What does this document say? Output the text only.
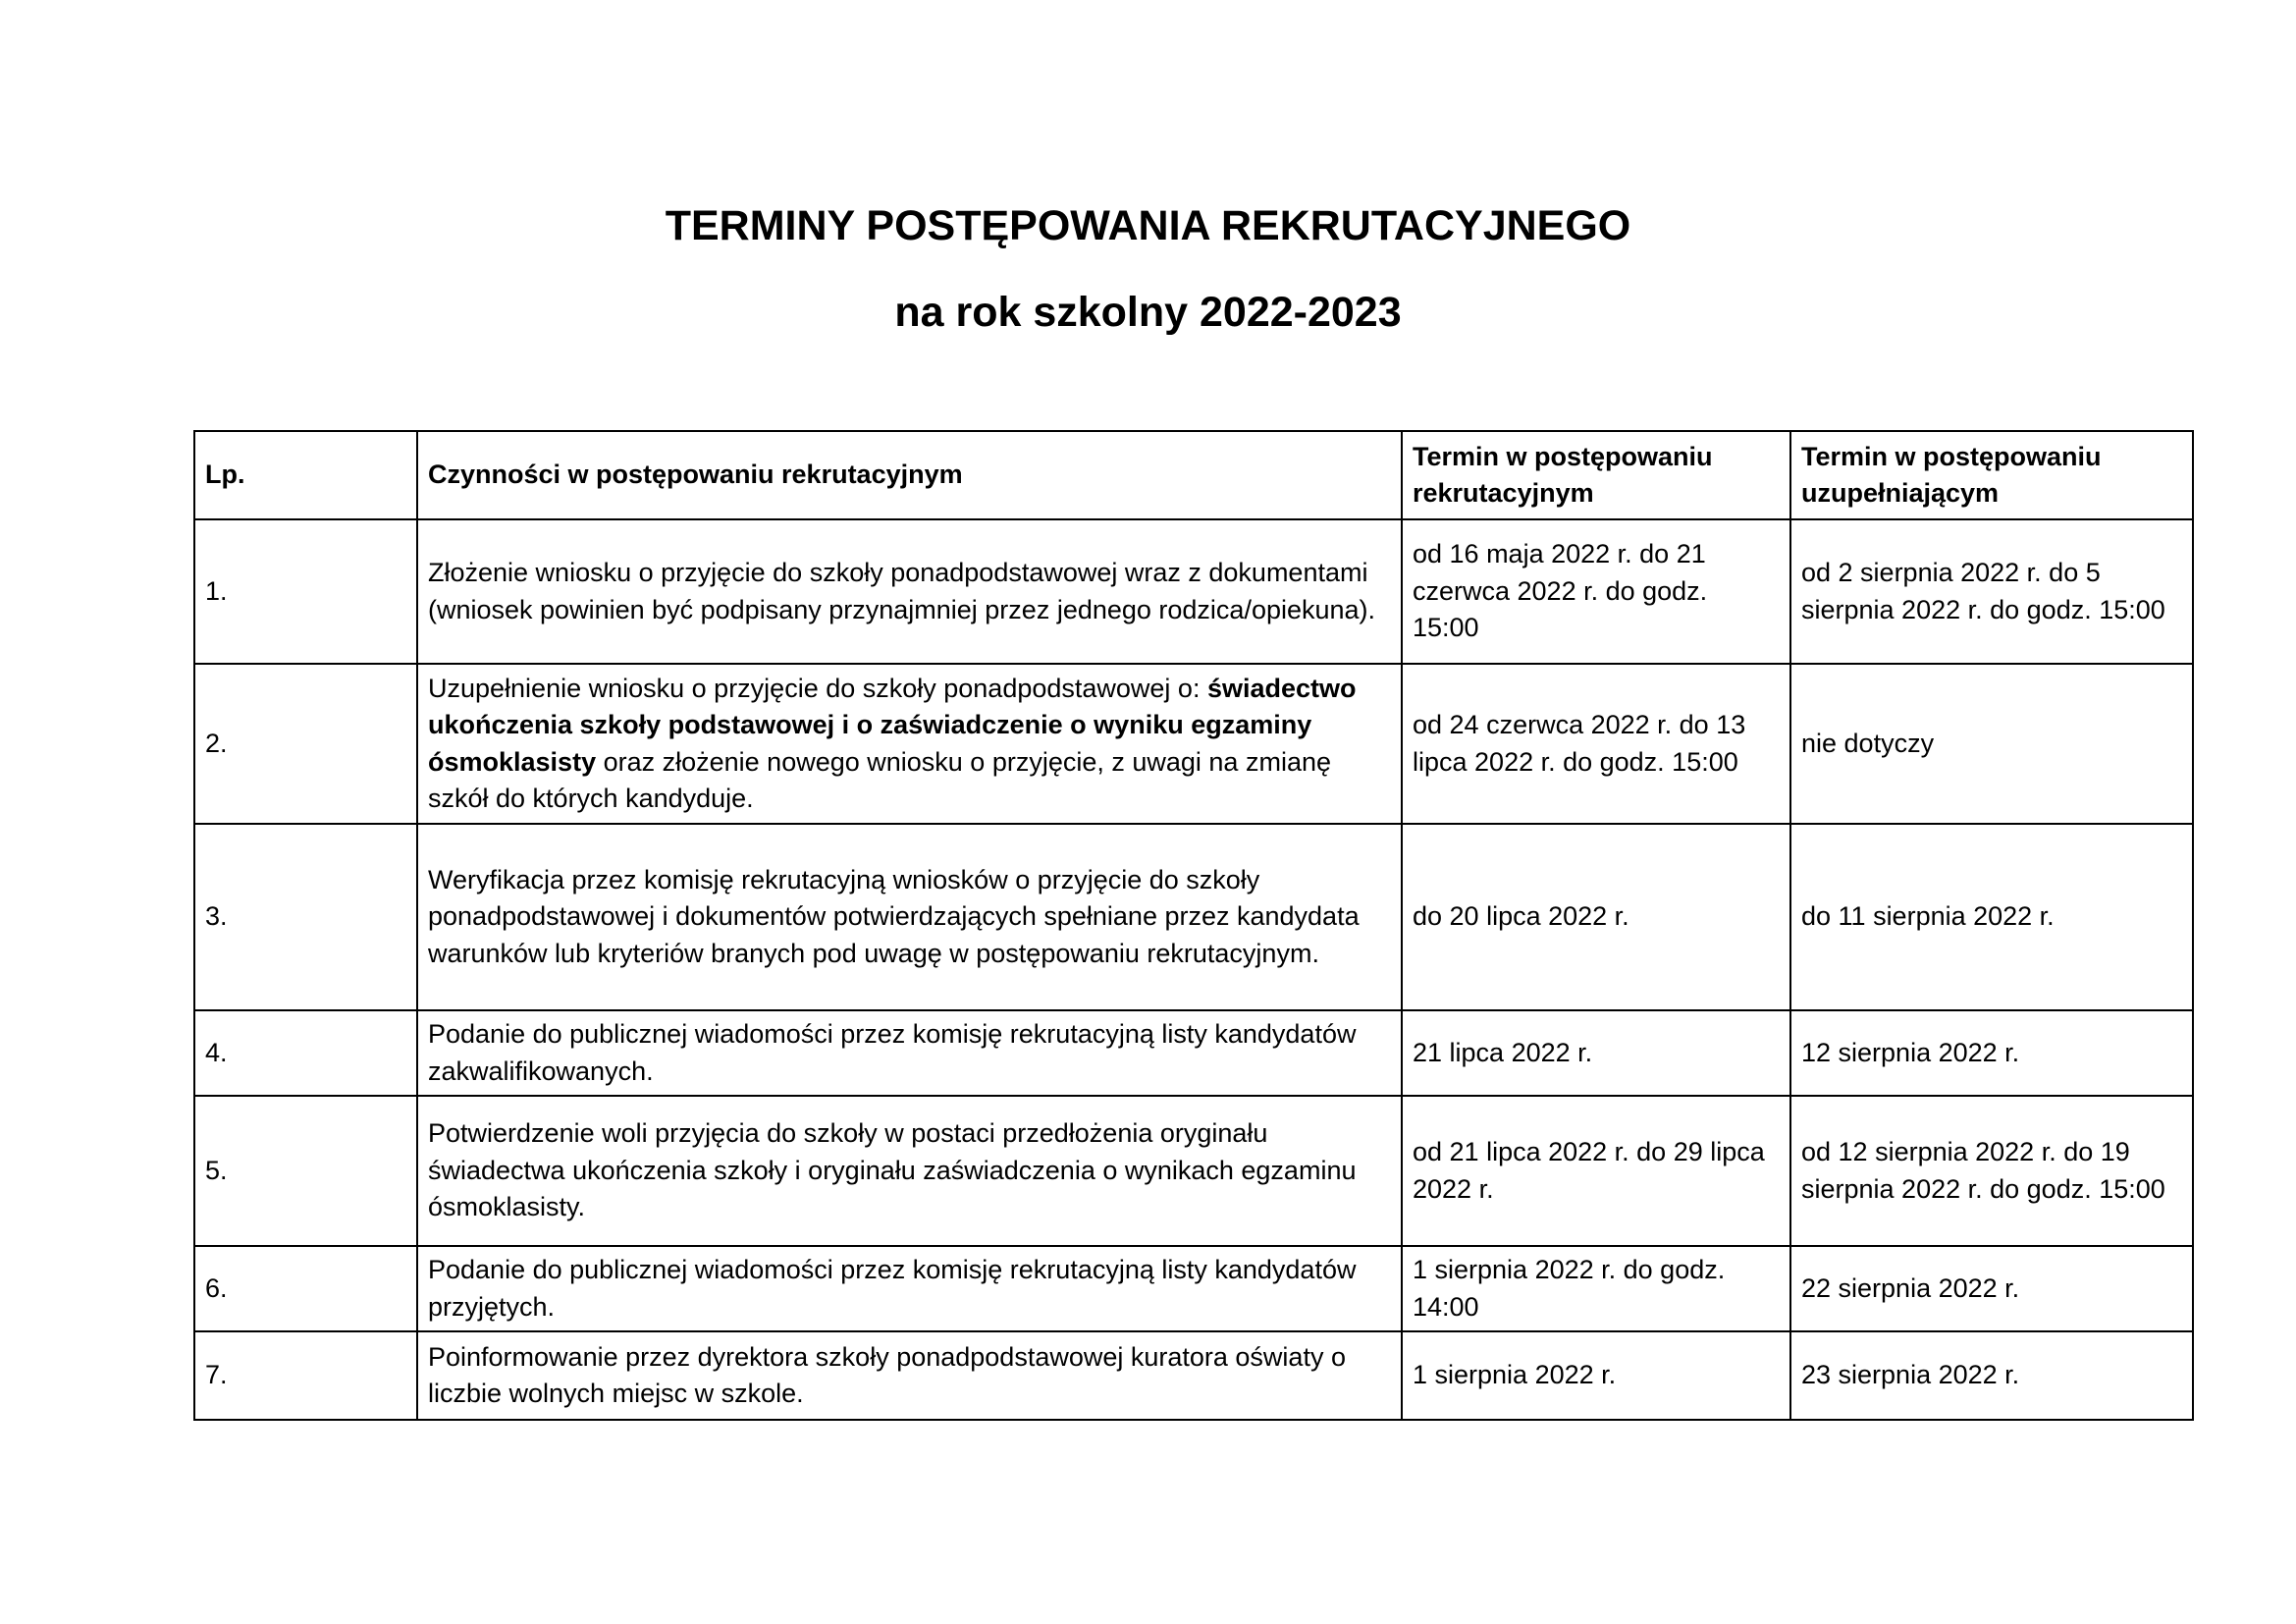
TERMINY POSTĘPOWANIA REKRUTACYJNEGO
na rok szkolny 2022-2023
Lp.	Czynności w postępowaniu rekrutacyjnym	Termin w postępowaniu rekrutacyjnym	Termin w postępowaniu uzupełniającym
1.	Złożenie wniosku o przyjęcie do szkoły ponadpodstawowej wraz z dokumentami (wniosek powinien być podpisany przynajmniej przez jednego rodzica/opiekuna).	od 16 maja 2022 r. do 21 czerwca 2022 r. do godz. 15:00	od 2 sierpnia 2022 r. do 5 sierpnia 2022 r. do godz. 15:00
2.	Uzupełnienie wniosku o przyjęcie do szkoły ponadpodstawowej o: świadectwo ukończenia szkoły podstawowej i o zaświadczenie o wyniku egzaminy ósmoklasisty oraz złożenie nowego wniosku o przyjęcie, z uwagi na zmianę szkół do których kandyduje.	od 24 czerwca 2022 r. do 13 lipca 2022 r. do godz. 15:00	nie dotyczy
3.	Weryfikacja przez komisję rekrutacyjną wniosków o przyjęcie do szkoły ponadpodstawowej i dokumentów potwierdzających spełniane przez kandydata warunków lub kryteriów branych pod uwagę w postępowaniu rekrutacyjnym.	do 20 lipca 2022 r.	do 11 sierpnia 2022 r.
4.	Podanie do publicznej wiadomości przez komisję rekrutacyjną listy kandydatów zakwalifikowanych.	21 lipca 2022 r.	12 sierpnia 2022 r.
5.	Potwierdzenie woli przyjęcia do szkoły w postaci przedłożenia oryginału świadectwa ukończenia szkoły i oryginału zaświadczenia o wynikach egzaminu ósmoklasisty.	od 21 lipca 2022 r. do 29 lipca 2022 r.	od 12 sierpnia 2022 r. do 19 sierpnia 2022 r. do godz. 15:00
6.	Podanie do publicznej wiadomości przez komisję rekrutacyjną listy kandydatów przyjętych.	1 sierpnia 2022 r. do godz. 14:00	22 sierpnia 2022 r.
7.	Poinformowanie przez dyrektora szkoły ponadpodstawowej kuratora oświaty o liczbie wolnych miejsc w szkole.	1 sierpnia 2022 r.	23 sierpnia 2022 r.
